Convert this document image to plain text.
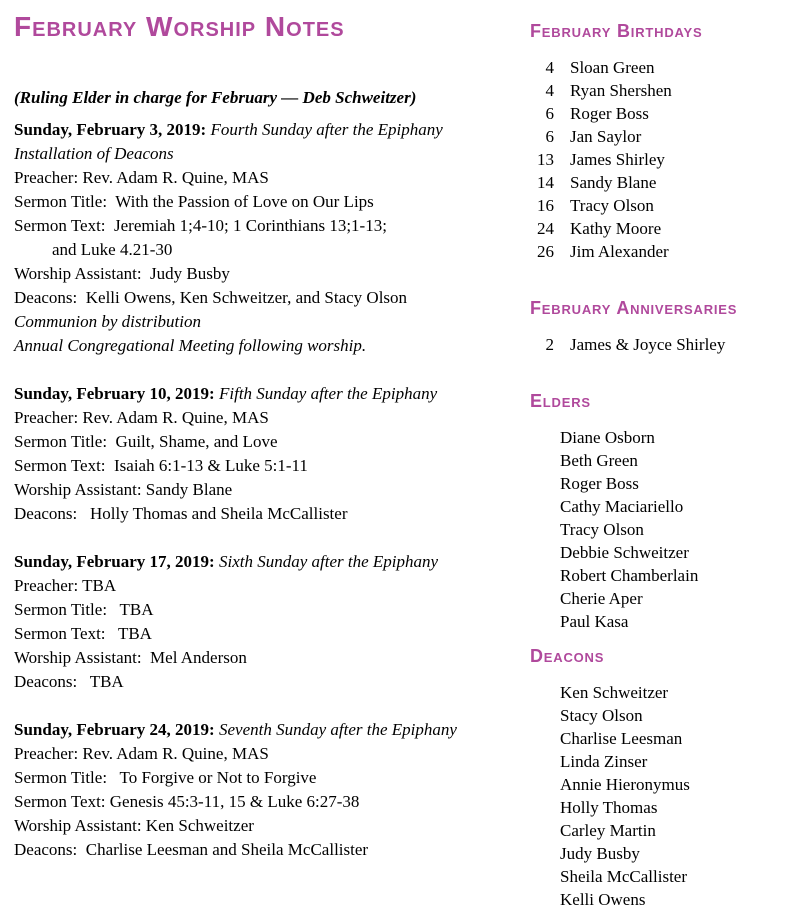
February Worship Notes

(Ruling Elder in charge for February — Deb Schweitzer)

Sunday, February 3, 2019: Fourth Sunday after the Epiphany

Installation of Deacons

Preacher: Rev. Adam R. Quine, MAS

Sermon Title:  With the Passion of Love on Our Lips

Sermon Text:  Jeremiah 1;4-10; 1 Corinthians 13;1-13;

and Luke 4.21-30

Worship Assistant:  Judy Busby

Deacons:  Kelli Owens, Ken Schweitzer, and Stacy Olson

Communion by distribution

Annual Congregational Meeting following worship.

Sunday, February 10, 2019: Fifth Sunday after the Epiphany

Preacher: Rev. Adam R. Quine, MAS

Sermon Title:  Guilt, Shame, and Love

Sermon Text:  Isaiah 6:1-13 & Luke 5:1-11

Worship Assistant: Sandy Blane

Deacons:   Holly Thomas and Sheila McCallister

Sunday, February 17, 2019: Sixth Sunday after the Epiphany

Preacher: TBA

Sermon Title:   TBA

Sermon Text:   TBA

Worship Assistant:  Mel Anderson

Deacons:   TBA

Sunday, February 24, 2019: Seventh Sunday after the Epiphany

Preacher: Rev. Adam R. Quine, MAS

Sermon Title:   To Forgive or Not to Forgive

Sermon Text: Genesis 45:3-11, 15 & Luke 6:27-38

Worship Assistant: Ken Schweitzer

Deacons:  Charlise Leesman and Sheila McCallister

February Birthdays

4 Sloan Green

4 Ryan Shershen

6 Roger Boss

6 Jan Saylor

13 James Shirley

14 Sandy Blane

16 Tracy Olson

24 Kathy Moore

26 Jim Alexander

February Anniversaries

2 James & Joyce Shirley

Elders

Diane Osborn

Beth Green

Roger Boss

Cathy Maciariello

Tracy Olson

Debbie Schweitzer

Robert Chamberlain

Cherie Aper

Paul Kasa

Deacons

Ken Schweitzer

Stacy Olson

Charlise Leesman

Linda Zinser

Annie Hieronymus

Holly Thomas

Carley Martin

Judy Busby

Sheila McCallister

Kelli Owens
